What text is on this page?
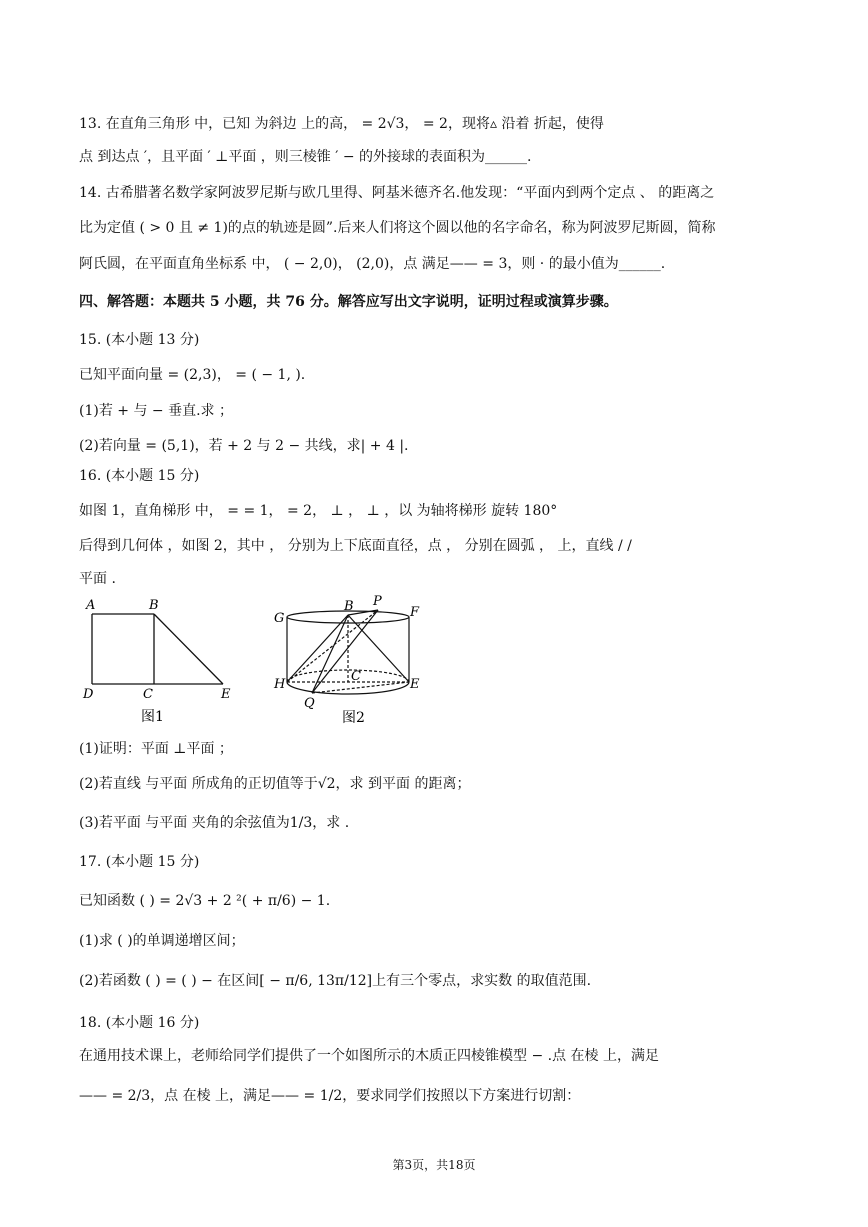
13. 在直角三角形 中，已知 为斜边 上的高， = 2√3， = 2，现将▵ 沿着 折起，使得
点 到达点 ′，且平面 ′ ⊥平面 ，则三棱锥 ′ − 的外接球的表面积为______.
14. 古希腊著名数学家阿波罗尼斯与欧几里得、阿基米德齐名.他发现：“平面内到两个定点 、 的距离之
比为定值 ( > 0 且 ≠ 1)的点的轨迹是圆”.后来人们将这个圆以他的名字命名，称为阿波罗尼斯圆，简称
阿氏圆，在平面直角坐标系 中， ( − 2,0)， (2,0)，点 满足—— = 3，则 · 的最小值为______.
四、解答题：本题共 5 小题，共 76 分。解答应写出文字说明，证明过程或演算步骤。
15. (本小题 13 分)
已知平面向量 = (2,3)， = ( − 1, ).
(1)若 + 与 − 垂直.求 ；
(2)若向量 = (5,1)，若 + 2 与 2 − 共线，求| + 4 |.
16. (本小题 15 分)
如图 1，直角梯形 中， = = 1， = 2， ⊥ ， ⊥ ，以 为轴将梯形 旋转 180°
后得到几何体 ，如图 2，其中 ， 分别为上下底面直径，点 ， 分别在圆弧 ， 上，直线 / /
平面 .
A	B
D	C	E
图1
G
B P
F
H
C
E
Q
图2
(1)证明：平面 ⊥平面 ；
(2)若直线 与平面 所成角的正切值等于√2，求 到平面 的距离；
(3)若平面 与平面 夹角的余弦值为1/3，求 .
17. (本小题 15 分)
已知函数 ( ) = 2√3 + 2 ²( + π/6) − 1.
(1)求 ( )的单调递增区间；
(2)若函数 ( ) = ( ) − 在区间[ − π/6, 13π/12]上有三个零点，求实数 的取值范围.
18. (本小题 16 分)
在通用技术课上，老师给同学们提供了一个如图所示的木质正四棱锥模型 − .点 在棱 上，满足
—— = 2/3，点 在棱 上，满足—— = 1/2，要求同学们按照以下方案进行切割：
第3页，共18页
